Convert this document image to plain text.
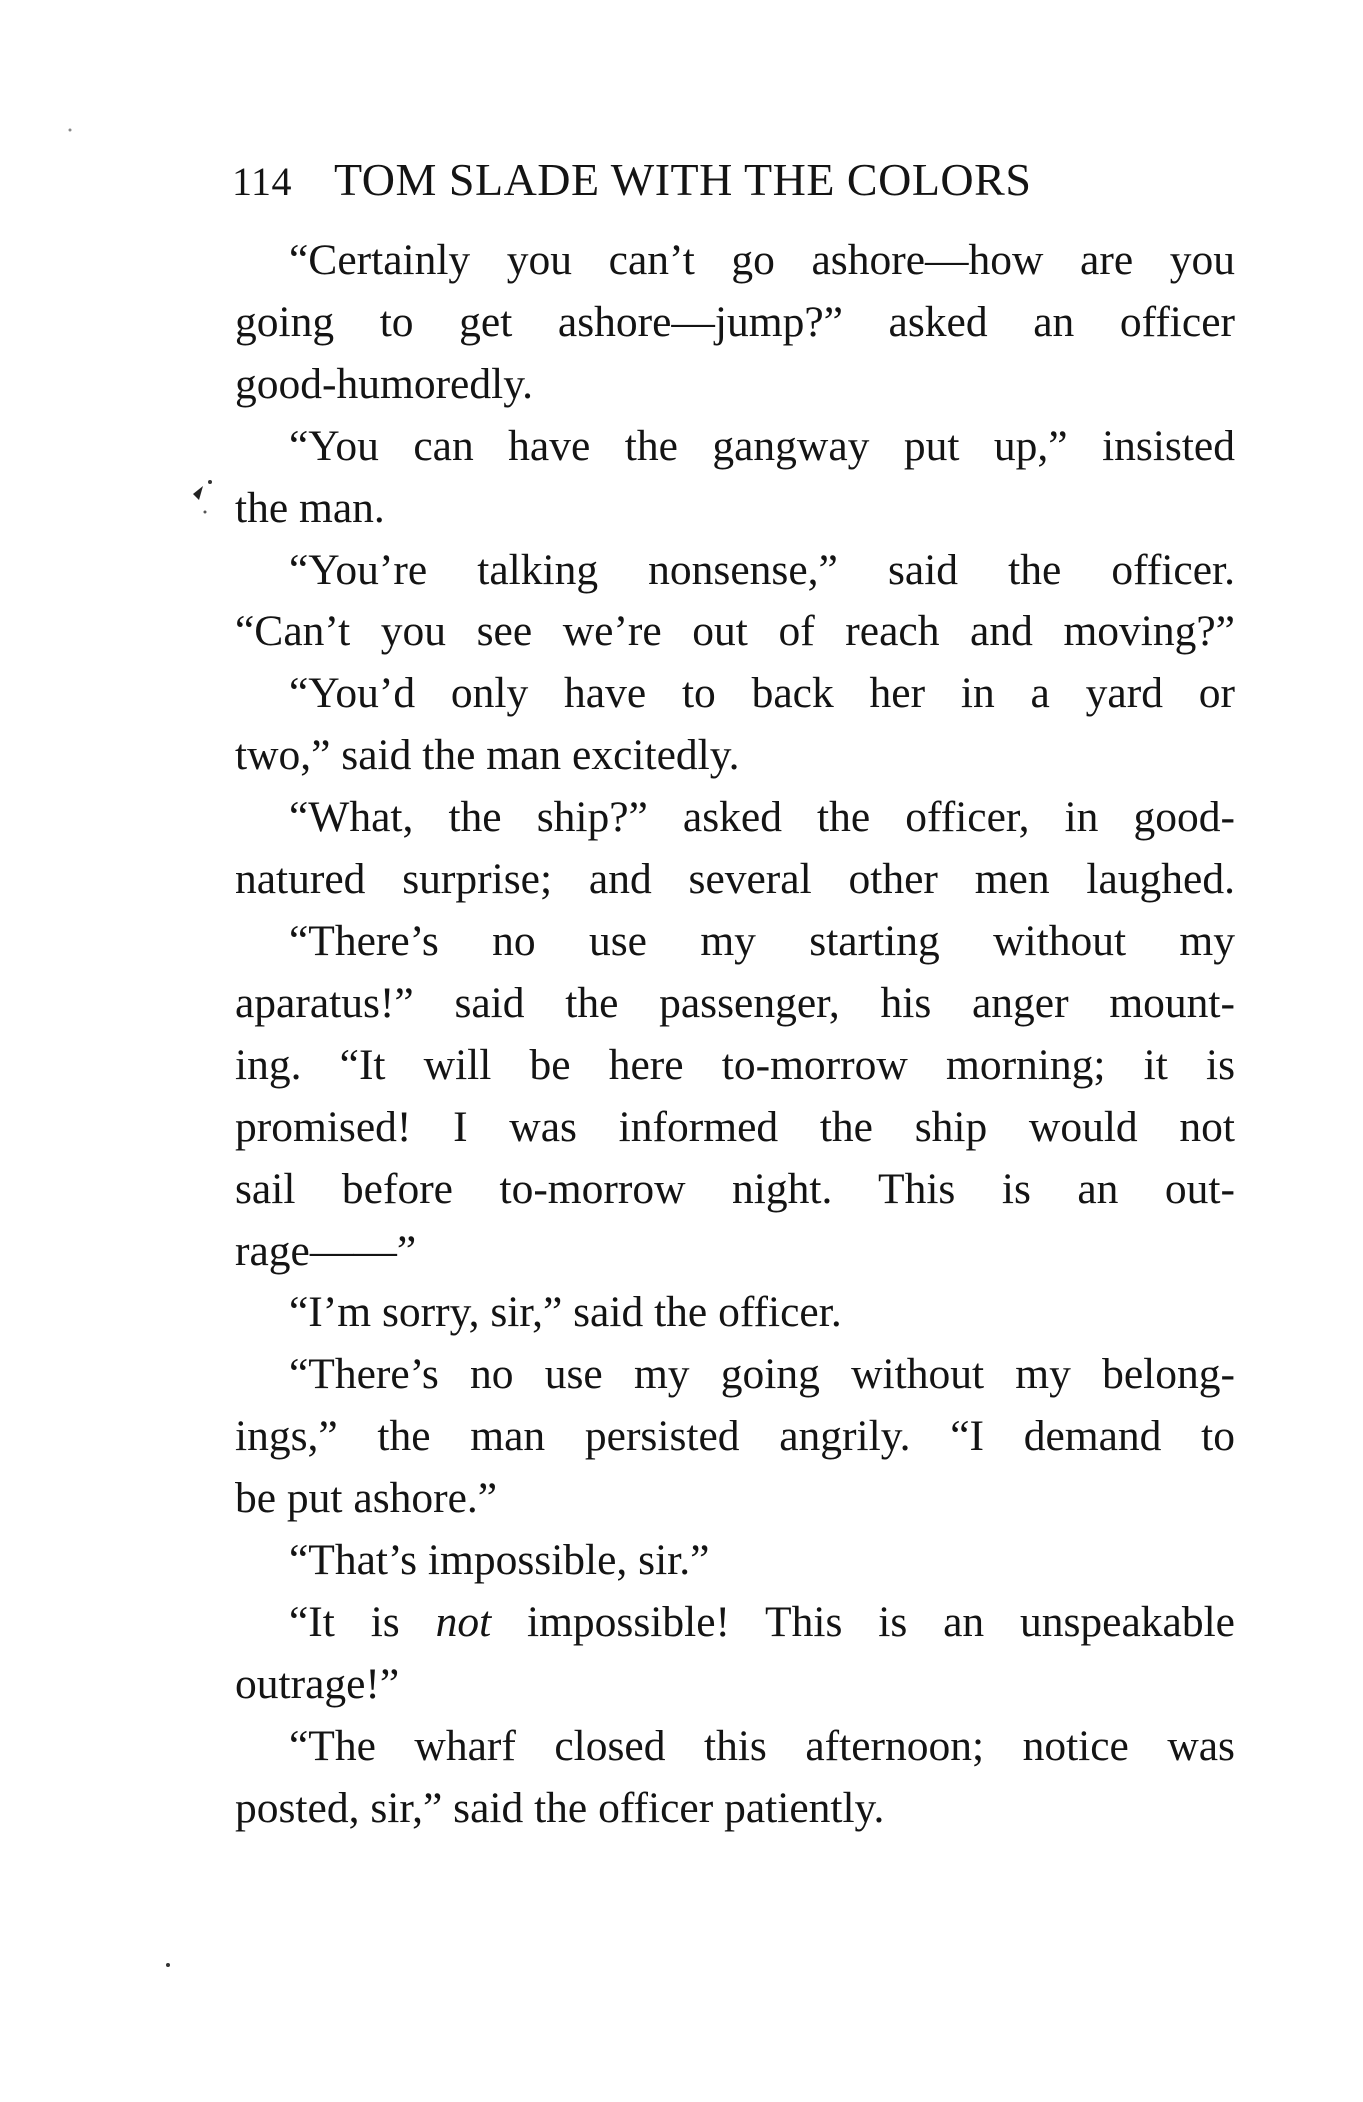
114 TOM SLADE WITH THE COLORS

“Certainly you can’t go ashore—how are you
going to get ashore—jump?” asked an officer
good-humoredly.

“You can have the gangway put up,” insisted
the man.

“You’re talking nonsense,” said the officer.
“Can’t you see we’re out of reach and moving?”

“You’d only have to back her in a yard or
two,” said the man excitedly.

“What, the ship?” asked the officer, in good-
natured surprise; and several other men laughed.

“There’s no use my starting without my
aparatus!” said the passenger, his anger mount-
ing. “It will be here to-morrow morning; it is
promised! I was informed the ship would not
sail before to-morrow night. This is an out-
rage——”

“I’m sorry, sir,” said the officer.

“There’s no use my going without my belong-
ings,” the man persisted angrily. “I demand to
be put ashore.”

“That’s impossible, sir.”

“It is not impossible! This is an unspeakable
outrage!”

“The wharf closed this afternoon; notice was
posted, sir,” said the officer patiently.
